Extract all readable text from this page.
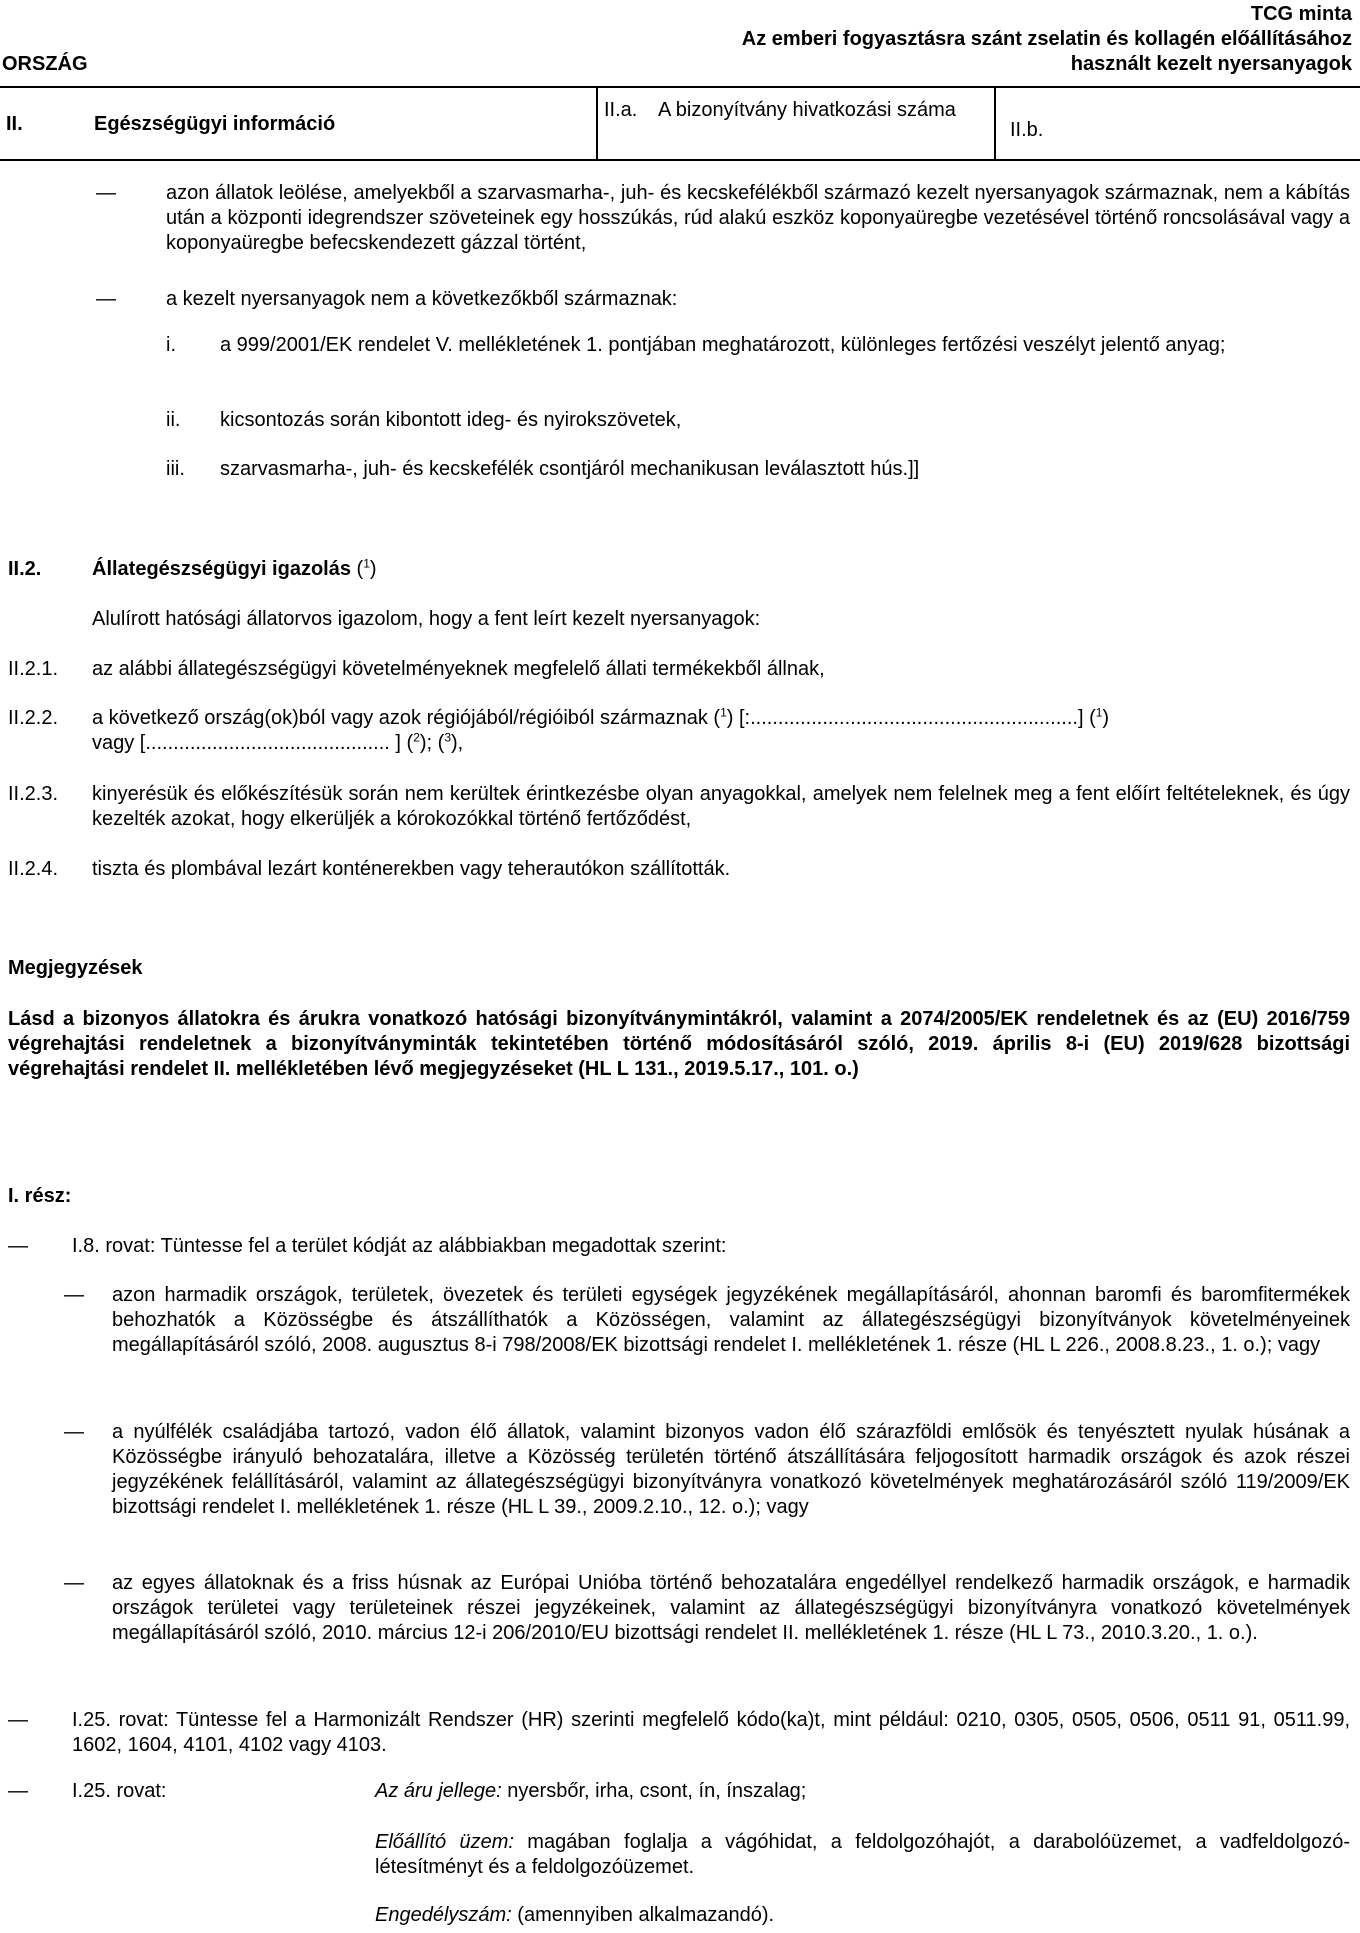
ORSZÁG
TCG minta
Az emberi fogyasztásra szánt zselatin és kollagén előállításához
használt kezelt nyersanyagok
II.	Egészségügyi információ
II.a. A bizonyítvány hivatkozási száma
II.b.
—	azon állatok leölése, amelyekből a szarvasmarha-, juh- és kecskefélékből származó kezelt nyersanyagok származnak, nem a kábítás után a központi idegrendszer szöveteinek egy hosszúkás, rúd alakú eszköz koponyaüregbe vezetésével történő roncsolásával vagy a koponyaüregbe befecskendezett gázzal történt,
—	a kezelt nyersanyagok nem a következőkből származnak:
i. a 999/2001/EK rendelet V. mellékletének 1. pontjában meghatározott, különleges fertőzési veszélyt jelentő anyag;
ii. kicsontozás során kibontott ideg- és nyirokszövetek,
iii. szarvasmarha-, juh- és kecskefélék csontjáról mechanikusan leválasztott hús.]]
II.2.	Állategészségügyi igazolás ($^1$)
Alulírott hatósági állatorvos igazolom, hogy a fent leírt kezelt nyersanyagok:
II.2.1. az alábbi állategészségügyi követelményeknek megfelelő állati termékekből állnak,
II.2.2. a következő ország(ok)ból vagy azok régiójából/régióiból származnak ($^1$) [:...........................................................] ($^1$)
vagy [............................................ ] ($^2$); ($^3$),
II.2.3. kinyerésük és előkészítésük során nem kerültek érintkezésbe olyan anyagokkal, amelyek nem felelnek meg a fent előírt feltételeknek, és úgy kezelték azokat, hogy elkerüljék a kórokozókkal történő fertőződést,
II.2.4. tiszta és plombával lezárt konténerekben vagy teherautókon szállították.
Megjegyzések
Lásd a bizonyos állatokra és árukra vonatkozó hatósági bizonyítványmintákról, valamint a 2074/2005/EK rendeletnek és az (EU) 2016/759 végrehajtási rendeletnek a bizonyítványminták tekintetében történő módosításáról szóló, 2019. április 8-i (EU) 2019/628 bizottsági végrehajtási rendelet II. mellékletében lévő megjegyzéseket (HL L 131., 2019.5.17., 101. o.)
I. rész:
— I.8. rovat: Tüntesse fel a terület kódját az alábbiakban megadottak szerint:
— azon harmadik országok, területek, övezetek és területi egységek jegyzékének megállapításáról, ahonnan baromfi és baromfitermékek behozhatók a Közösségbe és átszállíthatók a Közösségen, valamint az állategészségügyi bizonyítványok követelményeinek megállapításáról szóló, 2008. augusztus 8-i 798/2008/EK bizottsági rendelet I. mellékletének 1. része (HL L 226., 2008.8.23., 1. o.); vagy
— a nyúlfélék családjába tartozó, vadon élő állatok, valamint bizonyos vadon élő szárazföldi emlősök és tenyésztett nyulak húsának a Közösségbe irányuló behozatalára, illetve a Közösség területén történő átszállítására feljogosított harmadik országok és azok részei jegyzékének felállításáról, valamint az állategészségügyi bizonyítványra vonatkozó követelmények meghatározásáról szóló 119/2009/EK bizottsági rendelet I. mellékletének 1. része (HL L 39., 2009.2.10., 12. o.); vagy
— az egyes állatoknak és a friss húsnak az Európai Unióba történő behozatalára engedéllyel rendelkező harmadik országok, e harmadik országok területei vagy területeinek részei jegyzékeinek, valamint az állategészségügyi bizonyítványra vonatkozó követelmények megállapításáról szóló, 2010. március 12-i 206/2010/EU bizottsági rendelet II. mellékletének 1. része (HL L 73., 2010.3.20., 1. o.).
— I.25. rovat: Tüntesse fel a Harmonizált Rendszer (HR) szerinti megfelelő kódo(ka)t, mint például: 0210, 0305, 0505, 0506, 0511 91, 0511.99, 1602, 1604, 4101, 4102 vagy 4103.
— I.25. rovat:	Az áru jellege: nyersbőr, irha, csont, ín, ínszalag;
Előállító üzem: magában foglalja a vágóhidat, a feldolgozóhajót, a darabolóüzemet, a vadfeldolgozó-létesítményt és a feldolgozóüzemet.
Engedélyszám: (amennyiben alkalmazandó).
